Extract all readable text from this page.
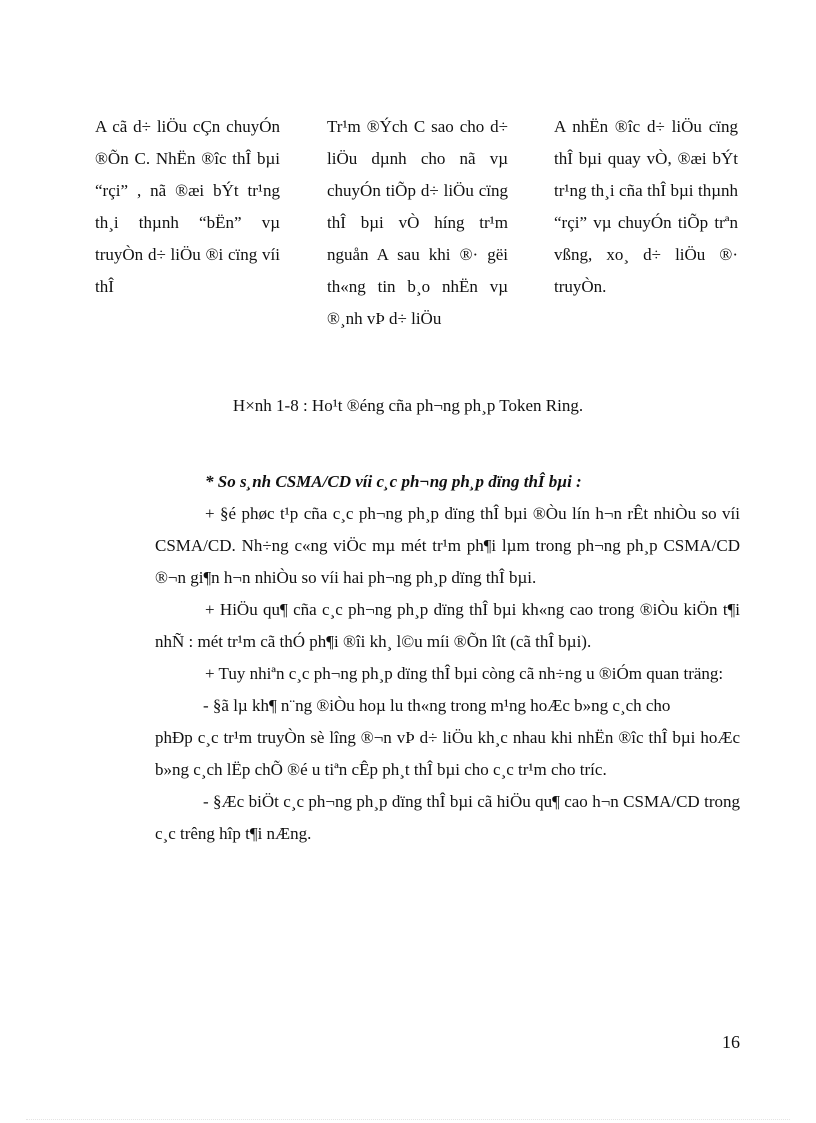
A cã d÷ liÖu cÇn chuyÓn ®Õn C. NhËn ®îc thÎ bµi “rçi” , nã ®æi bÝt tr¹ng th¸i thµnh “bËn” vµ truyÒn d÷ liÖu ®i cïng víi thÎ

Tr¹m ®Ých C sao cho d÷ liÖu dµnh cho nã vµ chuyÓn tiÕp d÷ liÖu cïng thÎ bµi vÒ híng tr¹m nguån A sau khi ®· gëi th«ng tin b¸o nhËn vµ ®¸nh vÞ d÷ liÖu

A nhËn ®îc d÷ liÖu cïng thÎ bµi quay vÒ, ®æi bÝt tr¹ng th¸i cña thÎ bµi thµnh “rçi” vµ chuyÓn tiÕp trªn vßng, xo¸ d÷ liÖu ®· truyÒn.

H×nh 1-8 : Ho¹t ®éng cña ph¬ng ph¸p Token Ring.

* So s¸nh CSMA/CD víi c¸c ph¬ng ph¸p dïng thÎ bµi :

+ §é phøc t¹p cña c¸c ph¬ng ph¸p dïng thÎ bµi ®Òu lín h¬n rÊt nhiÒu so víi CSMA/CD. Nh÷ng c«ng viÖc mµ mét tr¹m ph¶i lµm trong ph¬ng ph¸p CSMA/CD ®¬n gi¶n h¬n nhiÒu so víi hai ph¬ng ph¸p dïng thÎ bµi.

+ HiÖu qu¶ cña c¸c ph¬ng ph¸p dïng thÎ bµi kh«ng cao trong ®iÒu kiÖn t¶i nhÑ : mét tr¹m cã thÓ ph¶i ®îi kh¸ l©u míi ®Õn lît (cã thÎ bµi).

+ Tuy nhiªn c¸c ph¬ng ph¸p dïng thÎ bµi còng cã nh÷ng u ®iÓm quan träng:

- §ã lµ kh¶ n¨ng ®iÒu hoµ lu th«ng trong m¹ng hoÆc b»ng c¸ch cho

phÐp c¸c tr¹m truyÒn sè lîng ®¬n vÞ d÷ liÖu kh¸c nhau khi nhËn ®îc thÎ bµi hoÆc b»ng c¸ch lËp chÕ ®é u tiªn cÊp ph¸t thÎ bµi cho c¸c tr¹m cho tríc.

- §Æc biÖt c¸c ph¬ng ph¸p dïng thÎ bµi cã hiÖu qu¶ cao h¬n CSMA/CD trong c¸c trêng hîp t¶i nÆng.

16
